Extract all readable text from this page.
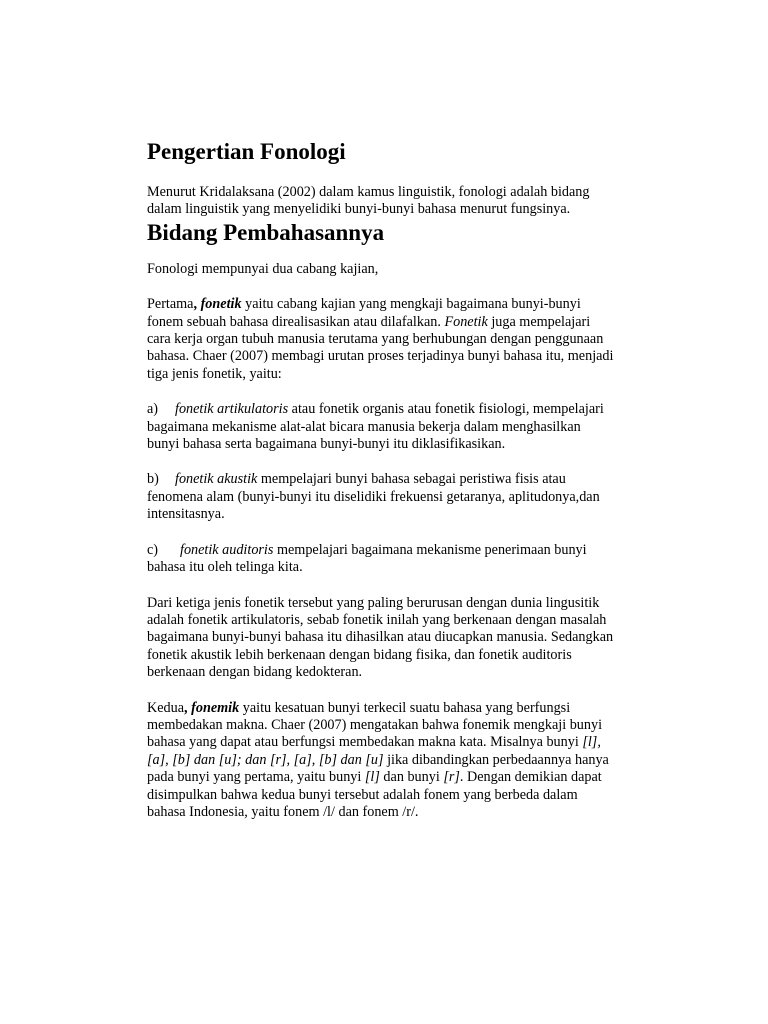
Pengertian Fonologi

Menurut Kridalaksana (2002) dalam kamus linguistik, fonologi adalah bidang
dalam linguistik yang menyelidiki bunyi-bunyi bahasa menurut fungsinya.

Bidang Pembahasannya

Fonologi mempunyai dua cabang kajian,

Pertama, fonetik yaitu cabang kajian yang mengkaji bagaimana bunyi-bunyi
fonem sebuah bahasa direalisasikan atau dilafalkan. Fonetik juga mempelajari
cara kerja organ tubuh manusia terutama yang berhubungan dengan penggunaan
bahasa. Chaer (2007) membagi urutan proses terjadinya bunyi bahasa itu, menjadi
tiga jenis fonetik, yaitu:

a) fonetik artikulatoris atau fonetik organis atau fonetik fisiologi, mempelajari
bagaimana mekanisme alat-alat bicara manusia bekerja dalam menghasilkan
bunyi bahasa serta bagaimana bunyi-bunyi itu diklasifikasikan.

b) fonetik akustik mempelajari bunyi bahasa sebagai peristiwa fisis atau
fenomena alam (bunyi-bunyi itu diselidiki frekuensi getaranya, aplitudonya,dan
intensitasnya.

c) fonetik auditoris mempelajari bagaimana mekanisme penerimaan bunyi
bahasa itu oleh telinga kita.

Dari ketiga jenis fonetik tersebut yang paling berurusan dengan dunia lingusitik
adalah fonetik artikulatoris, sebab fonetik inilah yang berkenaan dengan masalah
bagaimana bunyi-bunyi bahasa itu dihasilkan atau diucapkan manusia. Sedangkan
fonetik akustik lebih berkenaan dengan bidang fisika, dan fonetik auditoris
berkenaan dengan bidang kedokteran.

Kedua, fonemik yaitu kesatuan bunyi terkecil suatu bahasa yang berfungsi
membedakan makna. Chaer (2007) mengatakan bahwa fonemik mengkaji bunyi
bahasa yang dapat atau berfungsi membedakan makna kata. Misalnya bunyi [l],
[a], [b] dan [u]; dan [r], [a], [b] dan [u] jika dibandingkan perbedaannya hanya
pada bunyi yang pertama, yaitu bunyi [l] dan bunyi [r]. Dengan demikian dapat
disimpulkan bahwa kedua bunyi tersebut adalah fonem yang berbeda dalam
bahasa Indonesia, yaitu fonem /l/ dan fonem /r/.
